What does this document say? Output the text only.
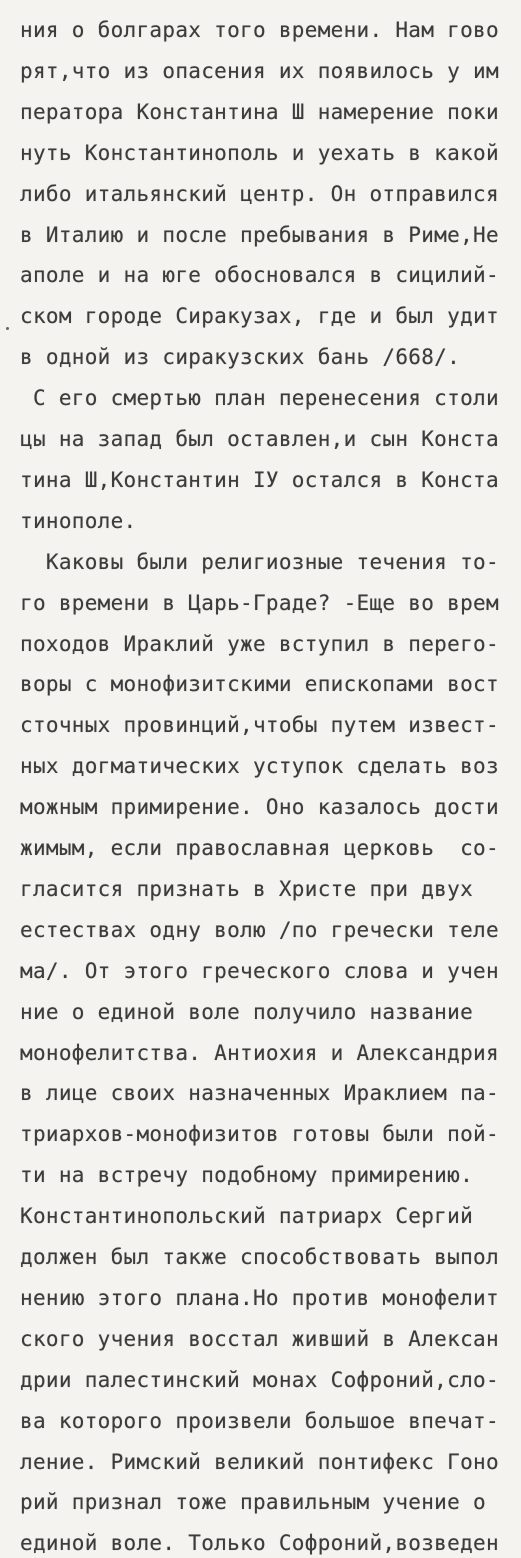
ния о болгарах того времени. Нам гово
рят,что из опасения их появилось у им
ператора Константина Ш намерение поки
нуть Константинополь и уехать в какой
либо итальянский центр. Он отправился
в Италию и после пребывания в Риме,Не
аполе и на юге обосновался в сицилий-
ском городе Сиракузах, где и был удит
в одной из сиракузских бань /668/.
С его смертью план перенесения столи
цы на запад был оставлен,и сын Конста
тина Ш,Константин IУ остался в Конста
тинополе.
Каковы были религиозные течения то-
го времени в Царь-Граде? -Еще во врем
походов Ираклий уже вступил в перего-
воры с монофизитскими епископами вост
сточных провинций,чтобы путем извест-
ных догматических уступок сделать воз
можным примирение. Оно казалось дости
жимым, если православная церковь  со-
гласится признать в Христе при двух
естествах одну волю /по гречески теле
ма/. От этого греческого слова и учен
ние о единой воле получило название
монофелитства. Антиохия и Александрия
в лице своих назначенных Ираклием па-
триархов-монофизитов готовы были пой-
ти на встречу подобному примирению.
Константинопольский патриарх Сергий
должен был также способствовать выпол
нению этого плана.Но против монофелит
ского учения восстал живший в Алексан
дрии палестинский монах Софроний,сло-
ва которого произвели большое впечат-
ление. Римский великий понтифекс Гоно
рий признал тоже правильным учение о
единой воле. Только Софроний,возведен
